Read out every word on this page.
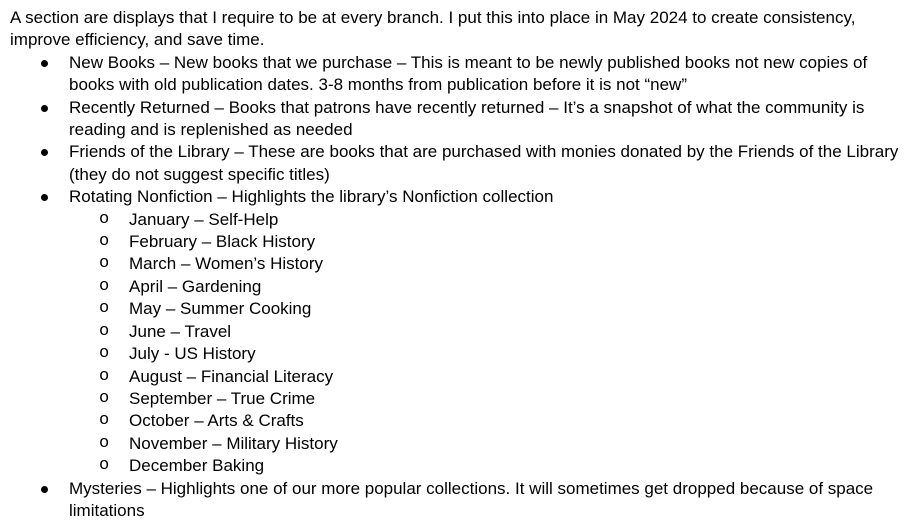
A section are displays that I require to be at every branch. I put this into place in May 2024 to create consistency, improve efficiency, and save time.

New Books – New books that we purchase – This is meant to be newly published books not new copies of books with old publication dates. 3-8 months from publication before it is not “new”
Recently Returned – Books that patrons have recently returned – It’s a snapshot of what the community is reading and is replenished as needed
Friends of the Library – These are books that are purchased with monies donated by the Friends of the Library (they do not suggest specific titles)
Rotating Nonfiction – Highlights the library’s Nonfiction collection
o January – Self-Help
o February – Black History
o March – Women’s History
o April – Gardening
o May – Summer Cooking
o June – Travel
o July - US History
o August – Financial Literacy
o September – True Crime
o October – Arts & Crafts
o November – Military History
o December Baking
Mysteries – Highlights one of our more popular collections. It will sometimes get dropped because of space limitations
